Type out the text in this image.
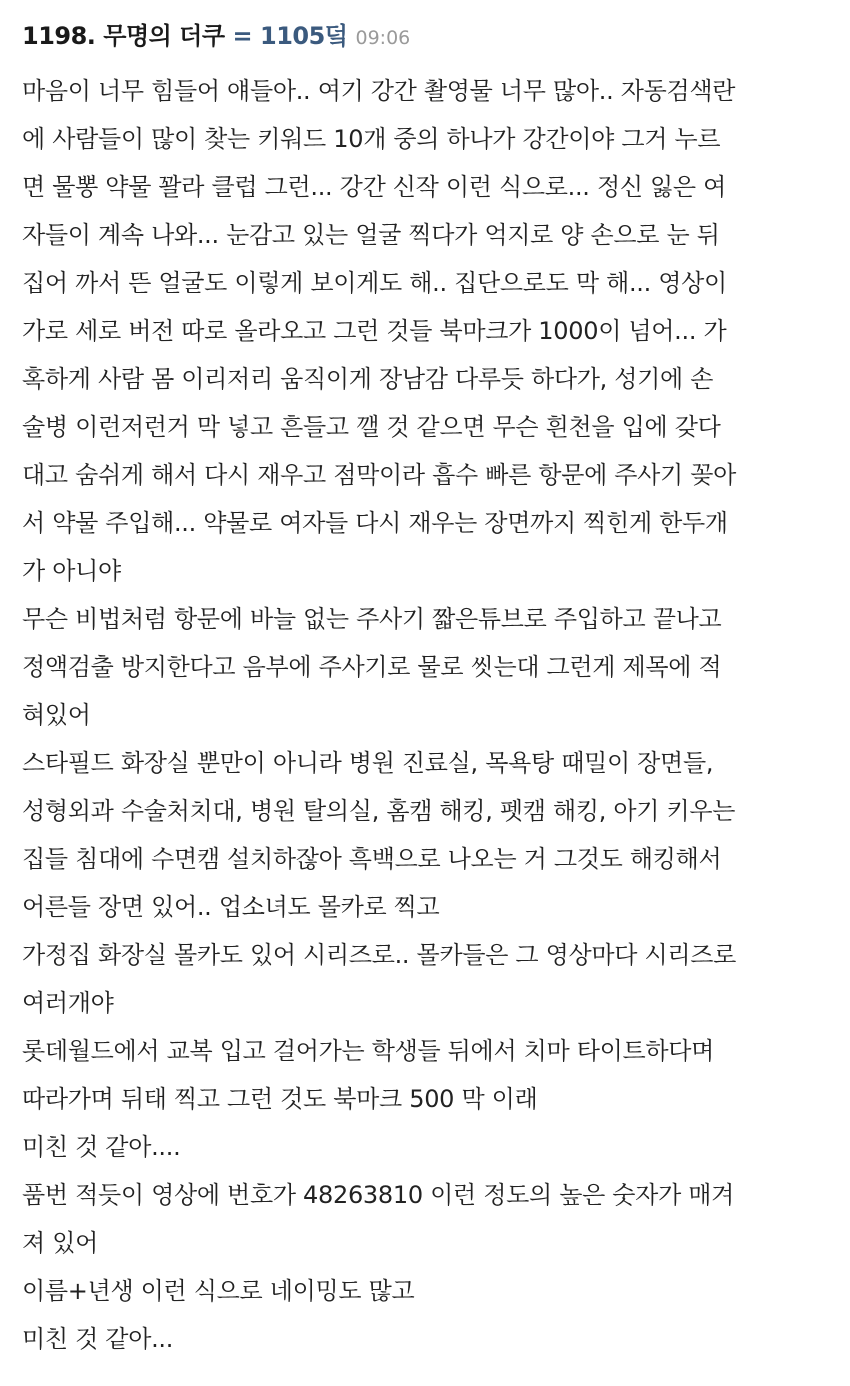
1198. 무명의 더쿠 = 1105덬 09:06
마음이 너무 힘들어 얘들아.. 여기 강간 촬영물 너무 많아.. 자동검색란
에 사람들이 많이 찾는 키워드 10개 중의 하나가 강간이야 그거 누르
면 물뽕 약물 꽐라 클럽 그런... 강간 신작 이런 식으로... 정신 잃은 여
자들이 계속 나와... 눈감고 있는 얼굴 찍다가 억지로 양 손으로 눈 뒤
집어 까서 뜬 얼굴도 이렇게 보이게도 해.. 집단으로도 막 해... 영상이
가로 세로 버전 따로 올라오고 그런 것들 북마크가 1000이 넘어... 가
혹하게 사람 몸 이리저리 움직이게 장남감 다루듯 하다가, 성기에 손
술병 이런저런거 막 넣고 흔들고 깰 것 같으면 무슨 흰천을 입에 갖다
대고 숨쉬게 해서 다시 재우고 점막이라 흡수 빠른 항문에 주사기 꽂아
서 약물 주입해... 약물로 여자들 다시 재우는 장면까지 찍힌게 한두개
가 아니야
무슨 비법처럼 항문에 바늘 없는 주사기 짧은튜브로 주입하고 끝나고
정액검출 방지한다고 음부에 주사기로 물로 씻는대 그런게 제목에 적
혀있어
스타필드 화장실 뿐만이 아니라 병원 진료실, 목욕탕 때밀이 장면들,
성형외과 수술처치대, 병원 탈의실, 홈캠 해킹, 펫캠 해킹, 아기 키우는
집들 침대에 수면캠 설치하잖아 흑백으로 나오는 거 그것도 해킹해서
어른들 장면 있어.. 업소녀도 몰카로 찍고
가정집 화장실 몰카도 있어 시리즈로.. 몰카들은 그 영상마다 시리즈로
여러개야
롯데월드에서 교복 입고 걸어가는 학생들 뒤에서 치마 타이트하다며
따라가며 뒤태 찍고 그런 것도 북마크 500 막 이래
미친 것 같아....
품번 적듯이 영상에 번호가 48263810 이런 정도의 높은 숫자가 매겨
져 있어
이름+년생 이런 식으로 네이밍도 많고
미친 것 같아...
